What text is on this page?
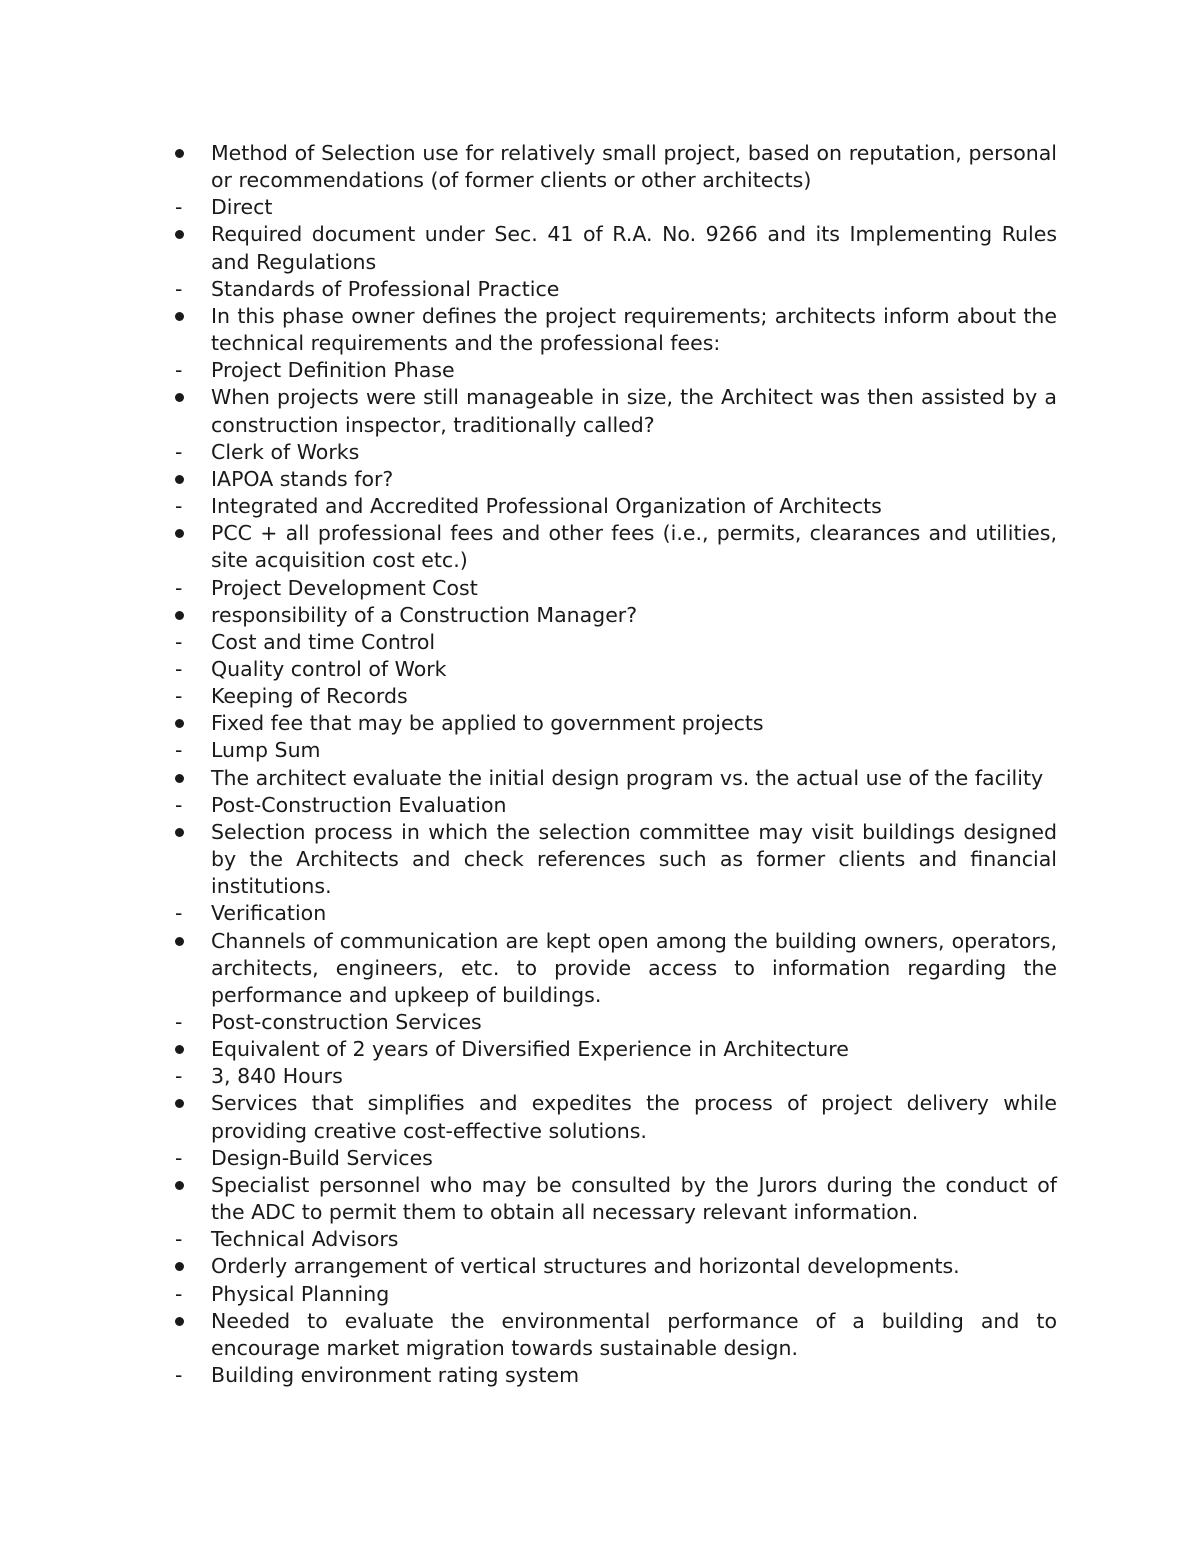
Method of Selection use for relatively small project, based on reputation, personal or recommendations (of former clients or other architects)
Direct
Required document under Sec. 41 of R.A. No. 9266 and its Implementing Rules and Regulations
Standards of Professional Practice
In this phase owner defines the project requirements; architects inform about the technical requirements and the professional fees:
Project Definition Phase
When projects were still manageable in size, the Architect was then assisted by a construction inspector, traditionally called?
Clerk of Works
IAPOA stands for?
Integrated and Accredited Professional Organization of Architects
PCC + all professional fees and other fees (i.e., permits, clearances and utilities, site acquisition cost etc.)
Project Development Cost
responsibility of a Construction Manager?
Cost and time Control
Quality control of Work
Keeping of Records
Fixed fee that may be applied to government projects
Lump Sum
The architect evaluate the initial design program vs. the actual use of the facility
Post-Construction Evaluation
Selection process in which the selection committee may visit buildings designed by the Architects and check references such as former clients and financial institutions.
Verification
Channels of communication are kept open among the building owners, operators, architects, engineers, etc. to provide access to information regarding the performance and upkeep of buildings.
Post-construction Services
Equivalent of 2 years of Diversified Experience in Architecture
3, 840 Hours
Services that simplifies and expedites the process of project delivery while providing creative cost-effective solutions.
Design-Build Services
Specialist personnel who may be consulted by the Jurors during the conduct of the ADC to permit them to obtain all necessary relevant information.
Technical Advisors
Orderly arrangement of vertical structures and horizontal developments.
Physical Planning
Needed to evaluate the environmental performance of a building and to encourage market migration towards sustainable design.
Building environment rating system
